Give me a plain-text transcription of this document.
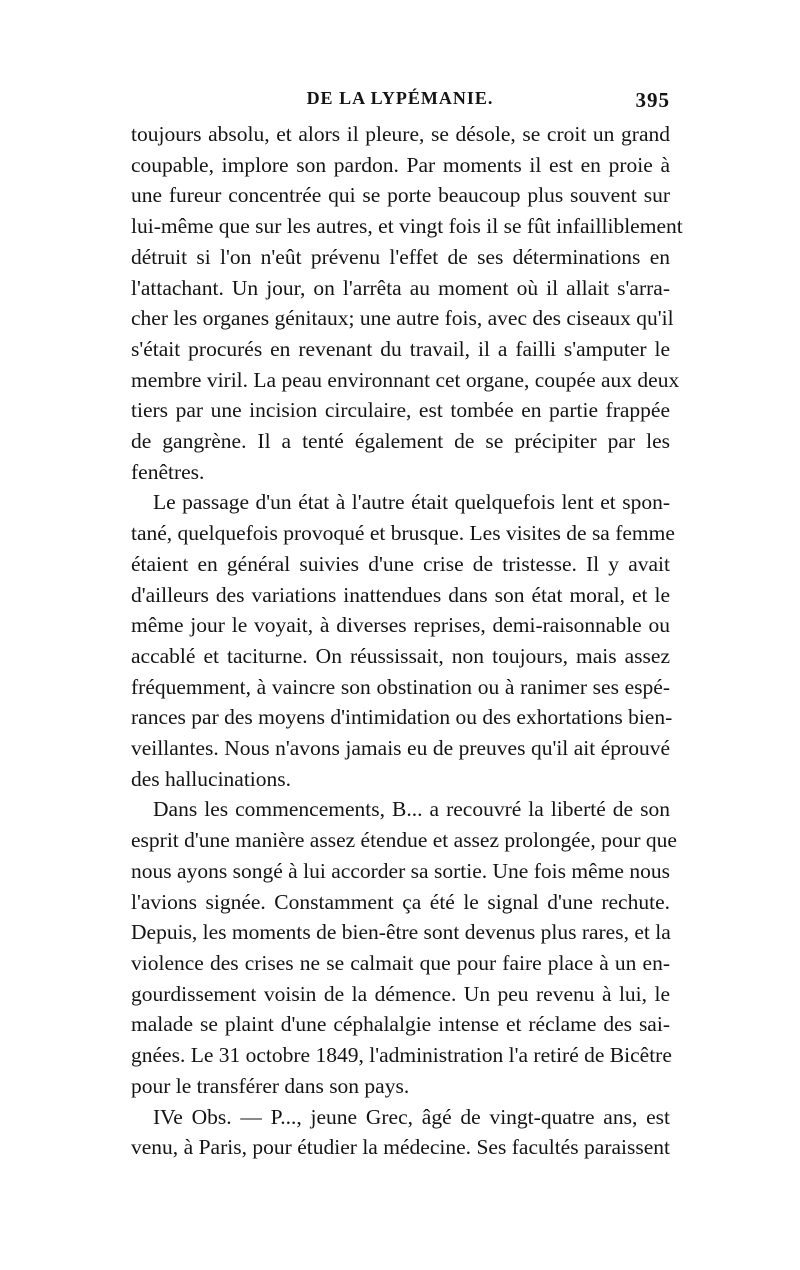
DE LA LYPÉMANIE.	395

toujours absolu, et alors il pleure, se désole, se croit un grand
coupable, implore son pardon. Par moments il est en proie à
une fureur concentrée qui se porte beaucoup plus souvent sur
lui-même que sur les autres, et vingt fois il se fût infailliblement
détruit si l'on n'eût prévenu l'effet de ses déterminations en
l'attachant. Un jour, on l'arrêta au moment où il allait s'arra-
cher les organes génitaux; une autre fois, avec des ciseaux qu'il
s'était procurés en revenant du travail, il a failli s'amputer le
membre viril. La peau environnant cet organe, coupée aux deux
tiers par une incision circulaire, est tombée en partie frappée
de gangrène. Il a tenté également de se précipiter par les
fenêtres.

Le passage d'un état à l'autre était quelquefois lent et spon-
tané, quelquefois provoqué et brusque. Les visites de sa femme
étaient en général suivies d'une crise de tristesse. Il y avait
d'ailleurs des variations inattendues dans son état moral, et le
même jour le voyait, à diverses reprises, demi-raisonnable ou
accablé et taciturne. On réussissait, non toujours, mais assez
fréquemment, à vaincre son obstination ou à ranimer ses espé-
rances par des moyens d'intimidation ou des exhortations bien-
veillantes. Nous n'avons jamais eu de preuves qu'il ait éprouvé
des hallucinations.

Dans les commencements, B... a recouvré la liberté de son
esprit d'une manière assez étendue et assez prolongée, pour que
nous ayons songé à lui accorder sa sortie. Une fois même nous
l'avions signée. Constamment ça été le signal d'une rechute.
Depuis, les moments de bien-être sont devenus plus rares, et la
violence des crises ne se calmait que pour faire place à un en-
gourdissement voisin de la démence. Un peu revenu à lui, le
malade se plaint d'une céphalalgie intense et réclame des sai-
gnées. Le 31 octobre 1849, l'administration l'a retiré de Bicêtre
pour le transférer dans son pays.

IVe Obs. — P..., jeune Grec, âgé de vingt-quatre ans, est
venu, à Paris, pour étudier la médecine. Ses facultés paraissent
